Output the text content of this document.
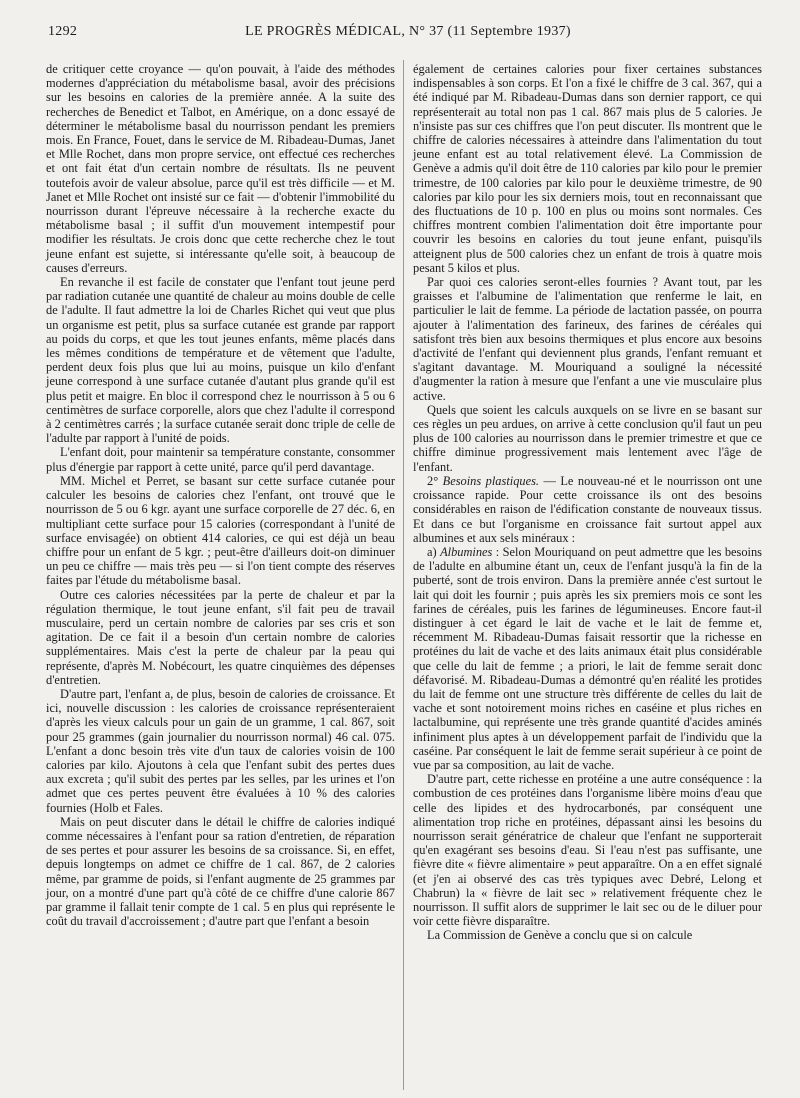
1292	LE PROGRÈS MÉDICAL, N° 37 (11 Septembre 1937)

de critiquer cette croyance — qu'on pouvait, à l'aide des méthodes modernes d'appréciation du métabolisme basal, avoir des précisions sur les besoins en calories de la première année. A la suite des recherches de Benedict et Talbot, en Amérique, on a donc essayé de déterminer le métabolisme basal du nourrisson pendant les premiers mois. En France, Fouet, dans le service de M. Ribadeau-Dumas, Janet et Mlle Rochet, dans mon propre service, ont effectué ces recherches et ont fait état d'un certain nombre de résultats. Ils ne peuvent toutefois avoir de valeur absolue, parce qu'il est très difficile — et M. Janet et Mlle Rochet ont insisté sur ce fait — d'obtenir l'immobilité du nourrisson durant l'épreuve nécessaire à la recherche exacte du métabolisme basal ; il suffit d'un mouvement intempestif pour modifier les résultats. Je crois donc que cette recherche chez le tout jeune enfant est sujette, si intéressante qu'elle soit, à beaucoup de causes d'erreurs.

En revanche il est facile de constater que l'enfant tout jeune perd par radiation cutanée une quantité de chaleur au moins double de celle de l'adulte. Il faut admettre la loi de Charles Richet qui veut que plus un organisme est petit, plus sa surface cutanée est grande par rapport au poids du corps, et que les tout jeunes enfants, même placés dans les mêmes conditions de température et de vêtement que l'adulte, perdent deux fois plus que lui au moins, puisque un kilo d'enfant jeune correspond à une surface cutanée d'autant plus grande qu'il est plus petit et maigre. En bloc il correspond chez le nourrisson à 5 ou 6 centimètres de surface corporelle, alors que chez l'adulte il correspond à 2 centimètres carrés ; la surface cutanée serait donc triple de celle de l'adulte par rapport à l'unité de poids.

L'enfant doit, pour maintenir sa température constante, consommer plus d'énergie par rapport à cette unité, parce qu'il perd davantage.

MM. Michel et Perret, se basant sur cette surface cutanée pour calculer les besoins de calories chez l'enfant, ont trouvé que le nourrisson de 5 ou 6 kgr. ayant une surface corporelle de 27 déc. 6, en multipliant cette surface pour 15 calories (correspondant à l'unité de surface envisagée) on obtient 414 calories, ce qui est déjà un beau chiffre pour un enfant de 5 kgr. ; peut-être d'ailleurs doit-on diminuer un peu ce chiffre — mais très peu — si l'on tient compte des réserves faites par l'étude du métabolisme basal.

Outre ces calories nécessitées par la perte de chaleur et par la régulation thermique, le tout jeune enfant, s'il fait peu de travail musculaire, perd un certain nombre de calories par ses cris et son agitation. De ce fait il a besoin d'un certain nombre de calories supplémentaires. Mais c'est la perte de chaleur par la peau qui représente, d'après M. Nobécourt, les quatre cinquièmes des dépenses d'entretien.

D'autre part, l'enfant a, de plus, besoin de calories de croissance. Et ici, nouvelle discussion : les calories de croissance représenteraient d'après les vieux calculs pour un gain de un gramme, 1 cal. 867, soit pour 25 grammes (gain journalier du nourrisson normal) 46 cal. 075. L'enfant a donc besoin très vite d'un taux de calories voisin de 100 calories par kilo. Ajoutons à cela que l'enfant subit des pertes dues aux excreta ; qu'il subit des pertes par les selles, par les urines et l'on admet que ces pertes peuvent être évaluées à 10 % des calories fournies (Holb et Fales.

Mais on peut discuter dans le détail le chiffre de calories indiqué comme nécessaires à l'enfant pour sa ration d'entretien, de réparation de ses pertes et pour assurer les besoins de sa croissance. Si, en effet, depuis longtemps on admet ce chiffre de 1 cal. 867, de 2 calories même, par gramme de poids, si l'enfant augmente de 25 grammes par jour, on a montré d'une part qu'à côté de ce chiffre d'une calorie 867 par gramme il fallait tenir compte de 1 cal. 5 en plus qui représente le coût du travail d'accroissement ; d'autre part que l'enfant a besoin

également de certaines calories pour fixer certaines substances indispensables à son corps. Et l'on a fixé le chiffre de 3 cal. 367, qui a été indiqué par M. Ribadeau-Dumas dans son dernier rapport, ce qui représenterait au total non pas 1 cal. 867 mais plus de 5 calories. Je n'insiste pas sur ces chiffres que l'on peut discuter. Ils montrent que le chiffre de calories nécessaires à atteindre dans l'alimentation du tout jeune enfant est au total relativement élevé. La Commission de Genève a admis qu'il doit être de 110 calories par kilo pour le premier trimestre, de 100 calories par kilo pour le deuxième trimestre, de 90 calories par kilo pour les six derniers mois, tout en reconnaissant que des fluctuations de 10 p. 100 en plus ou moins sont normales. Ces chiffres montrent combien l'alimentation doit être importante pour couvrir les besoins en calories du tout jeune enfant, puisqu'ils atteignent plus de 500 calories chez un enfant de trois à quatre mois pesant 5 kilos et plus.

Par quoi ces calories seront-elles fournies ? Avant tout, par les graisses et l'albumine de l'alimentation que renferme le lait, en particulier le lait de femme. La période de lactation passée, on pourra ajouter à l'alimentation des farineux, des farines de céréales qui satisfont très bien aux besoins thermiques et plus encore aux besoins d'activité de l'enfant qui deviennent plus grands, l'enfant remuant et s'agitant davantage. M. Mouriquand a souligné la nécessité d'augmenter la ration à mesure que l'enfant a une vie musculaire plus active.

Quels que soient les calculs auxquels on se livre en se basant sur ces règles un peu ardues, on arrive à cette conclusion qu'il faut un peu plus de 100 calories au nourrisson dans le premier trimestre et que ce chiffre diminue progressivement mais lentement avec l'âge de l'enfant.

2° Besoins plastiques. — Le nouveau-né et le nourrisson ont une croissance rapide. Pour cette croissance ils ont des besoins considérables en raison de l'édification constante de nouveaux tissus. Et dans ce but l'organisme en croissance fait surtout appel aux albumines et aux sels minéraux :

a) Albumines : Selon Mouriquand on peut admettre que les besoins de l'adulte en albumine étant un, ceux de l'enfant jusqu'à la fin de la puberté, sont de trois environ. Dans la première année c'est surtout le lait qui doit les fournir ; puis après les six premiers mois ce sont les farines de céréales, puis les farines de légumineuses. Encore faut-il distinguer à cet égard le lait de vache et le lait de femme et, récemment M. Ribadeau-Dumas faisait ressortir que la richesse en protéines du lait de vache et des laits animaux était plus considérable que celle du lait de femme ; a priori, le lait de femme serait donc défavorisé. M. Ribadeau-Dumas a démontré qu'en réalité les protides du lait de femme ont une structure très différente de celles du lait de vache et sont notoirement moins riches en caséine et plus riches en lactalbumine, qui représente une très grande quantité d'acides aminés infiniment plus aptes à un développement parfait de l'individu que la caséine. Par conséquent le lait de femme serait supérieur à ce point de vue par sa composition, au lait de vache.

D'autre part, cette richesse en protéine a une autre conséquence : la combustion de ces protéines dans l'organisme libère moins d'eau que celle des lipides et des hydrocarbonés, par conséquent une alimentation trop riche en protéines, dépassant ainsi les besoins du nourrisson serait génératrice de chaleur que l'enfant ne supporterait qu'en exagérant ses besoins d'eau. Si l'eau n'est pas suffisante, une fièvre dite « fièvre alimentaire » peut apparaître. On a en effet signalé (et j'en ai observé des cas très typiques avec Debré, Lelong et Chabrun) la « fièvre de lait sec » relativement fréquente chez le nourrisson. Il suffit alors de supprimer le lait sec ou de le diluer pour voir cette fièvre disparaître.

La Commission de Genève a conclu que si on calcule
